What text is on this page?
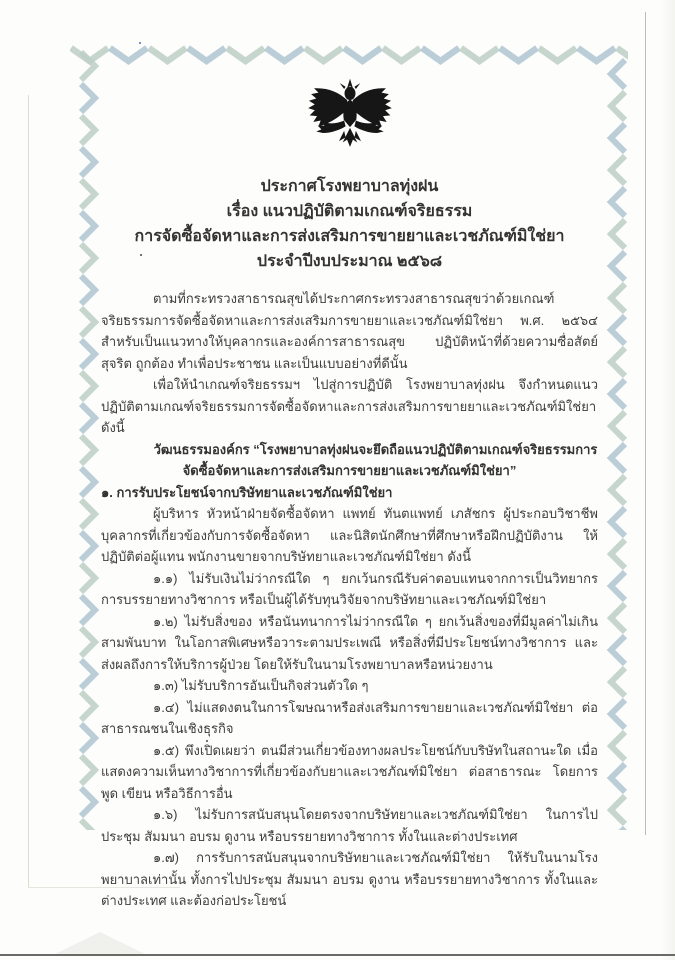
ประกาศโรงพยาบาลทุ่งฝน
เรื่อง แนวปฏิบัติตามเกณฑ์จริยธรรม
การจัดซื้อจัดหาและการส่งเสริมการขายยาและเวชภัณฑ์มิใช่ยา
ประจำปีงบประมาณ ๒๕๖๘

ตามที่กระทรวงสาธารณสุขได้ประกาศกระทรวงสาธารณสุขว่าด้วยเกณฑ์จริยธรรมการจัดซื้อจัดหาและการส่งเสริมการขายยาและเวชภัณฑ์มิใช่ยา พ.ศ. ๒๕๖๔ สำหรับเป็นแนวทางให้บุคลากรและองค์การสาธารณสุข ปฏิบัติหน้าที่ด้วยความซื่อสัตย์สุจริต ถูกต้อง ทำเพื่อประชาชน และเป็นแบบอย่างที่ดีนั้น

เพื่อให้นำเกณฑ์จริยธรรมฯ ไปสู่การปฏิบัติ โรงพยาบาลทุ่งฝน จึงกำหนดแนวปฏิบัติตามเกณฑ์จริยธรรมการจัดซื้อจัดหาและการส่งเสริมการขายยาและเวชภัณฑ์มิใช่ยา ดังนี้

วัฒนธรรมองค์กร “โรงพยาบาลทุ่งฝนจะยึดถือแนวปฏิบัติตามเกณฑ์จริยธรรมการจัดซื้อจัดหาและการส่งเสริมการขายยาและเวชภัณฑ์มิใช่ยา”

๑. การรับประโยชน์จากบริษัทยาและเวชภัณฑ์มิใช่ยา

ผู้บริหาร หัวหน้าฝ่ายจัดซื้อจัดหา แพทย์ ทันตแพทย์ เภสัชกร ผู้ประกอบวิชาชีพ บุคลากรที่เกี่ยวข้องกับการจัดซื้อจัดหา และนิสิตนักศึกษาที่ศึกษาหรือฝึกปฏิบัติงาน ให้ปฏิบัติต่อผู้แทน พนักงานขายจากบริษัทยาและเวชภัณฑ์มิใช่ยา ดังนี้

๑.๑) ไม่รับเงินไม่ว่ากรณีใด ๆ ยกเว้นกรณีรับค่าตอบแทนจากการเป็นวิทยากร การบรรยายทางวิชาการ หรือเป็นผู้ได้รับทุนวิจัยจากบริษัทยาและเวชภัณฑ์มิใช่ยา

๑.๒) ไม่รับสิ่งของ หรือนันทนาการไม่ว่ากรณีใด ๆ ยกเว้นสิ่งของที่มีมูลค่าไม่เกินสามพันบาท ในโอกาสพิเศษหรือวาระตามประเพณี หรือสิ่งที่มีประโยชน์ทางวิชาการ และส่งผลถึงการให้บริการผู้ป่วย โดยให้รับในนามโรงพยาบาลหรือหน่วยงาน

๑.๓) ไม่รับบริการอันเป็นกิจส่วนตัวใด ๆ

๑.๔) ไม่แสดงตนในการโฆษณาหรือส่งเสริมการขายยาและเวชภัณฑ์มิใช่ยา ต่อสาธารณชนในเชิงธุรกิจ

๑.๕) พึงเปิดเผยว่า ตนมีส่วนเกี่ยวข้องทางผลประโยชน์กับบริษัทในสถานะใด เมื่อแสดงความเห็นทางวิชาการที่เกี่ยวข้องกับยาและเวชภัณฑ์มิใช่ยา ต่อสาธารณะ โดยการพูด เขียน หรือวิธีการอื่น

๑.๖) ไม่รับการสนับสนุนโดยตรงจากบริษัทยาและเวชภัณฑ์มิใช่ยา ในการไปประชุม สัมมนา อบรม ดูงาน หรือบรรยายทางวิชาการ ทั้งในและต่างประเทศ

๑.๗) การรับการสนับสนุนจากบริษัทยาและเวชภัณฑ์มิใช่ยา ให้รับในนามโรงพยาบาลเท่านั้น ทั้งการไปประชุม สัมมนา อบรม ดูงาน หรือบรรยายทางวิชาการ ทั้งในและต่างประเทศ และต้องก่อประโยชน์
